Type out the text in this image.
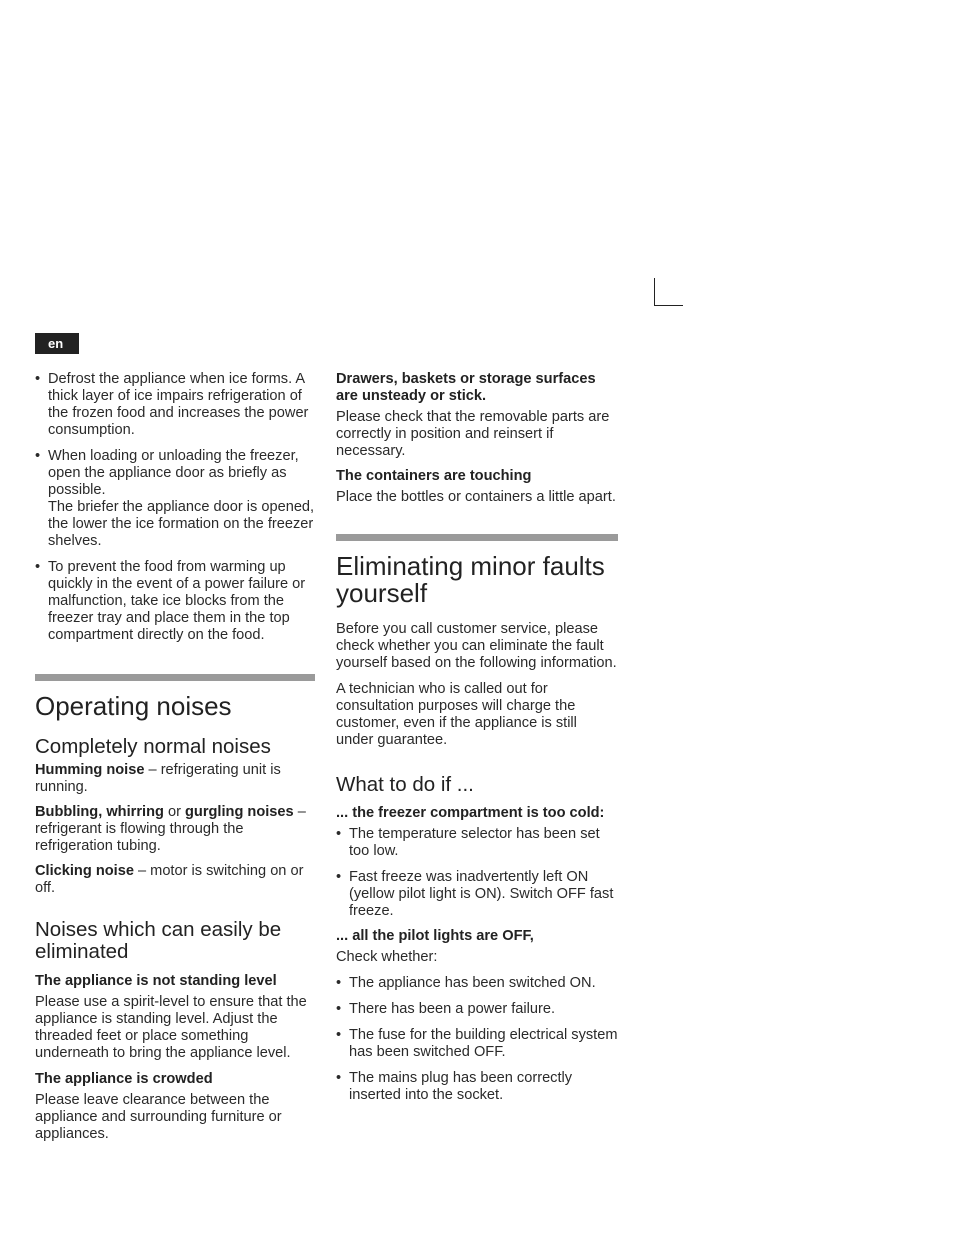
en
• Defrost the appliance when ice forms. A thick layer of ice impairs refrigeration of the frozen food and increases the power consumption.
• When loading or unloading the freezer, open the appliance door as briefly as possible.
The briefer the appliance door is opened, the lower the ice formation on the freezer shelves.
• To prevent the food from warming up quickly in the event of a power failure or malfunction, take ice blocks from the freezer tray and place them in the top compartment directly on the food.
Operating noises
Completely normal noises

Humming noise – refrigerating unit is running.

Bubbling, whirring or gurgling noises – refrigerant is flowing through the refrigeration tubing.

Clicking noise – motor is switching on or off.

Noises which can easily be eliminated

The appliance is not standing level

Please use a spirit-level to ensure that the appliance is standing level. Adjust the threaded feet or place something underneath to bring the appliance level.

The appliance is crowded

Please leave clearance between the appliance and surrounding furniture or appliances.

Drawers, baskets or storage surfaces are unsteady or stick.

Please check that the removable parts are correctly in position and reinsert if necessary.

The containers are touching

Place the bottles or containers a little apart.

Eliminating minor faults yourself

Before you call customer service, please check whether you can eliminate the fault yourself based on the following information.

A technician who is called out for consultation purposes will charge the customer, even if the appliance is still under guarantee.

What to do if ...

... the freezer compartment is too cold:

• The temperature selector has been set too low.
• Fast freeze was inadvertently left ON (yellow pilot light is ON). Switch OFF fast freeze.

... all the pilot lights are OFF,

Check whether:

• The appliance has been switched ON.
• There has been a power failure.
• The fuse for the building electrical system has been switched OFF.
• The mains plug has been correctly inserted into the socket.
